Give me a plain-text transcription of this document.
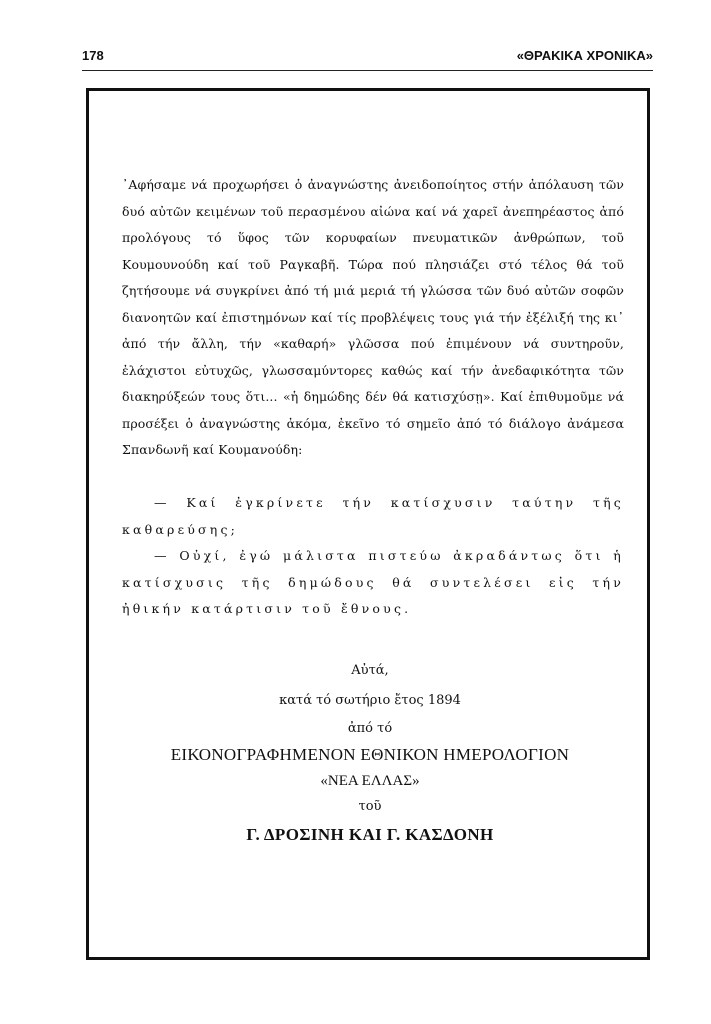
178	«ΘΡΑΚΙΚΑ ΧΡΟΝΙΚΑ»
᾿Αφήσαμε νά προχωρήσει ὁ ἀναγνώστης ἀνειδοποίητος στήν ἀπόλαυση τῶν δυό αὐτῶν κειμένων τοῦ περασμένου αἰώνα καί νά χαρεῖ ἀνεπηρέαστος ἀπό προλόγους τό ὕφος τῶν κορυφαίων πνευματικῶν ἀνθρώπων, τοῦ Κουμουνούδη καί τοῦ Ραγκαβῆ. Τώρα πού πλησιάζει στό τέλος θά τοῦ ζητήσουμε νά συγκρίνει ἀπό τή μιά μεριά τή γλώσσα τῶν δυό αὐτῶν σοφῶν διανοητῶν καί ἐπιστημόνων καί τίς προβλέψεις τους γιά τήν ἐξέλιξή της κι᾿ ἀπό τήν ἄλλη, τήν «καθαρή» γλῶσσα πού ἐπιμένουν νά συντηροῦν, ἐλάχιστοι εὐτυχῶς, γλωσσαμύντορες καθώς καί τήν ἀνεδαφικότητα τῶν διακηρύξεών τους ὅτι... «ἡ δημώδης δέν θά κατισχύσῃ». Καί ἐπιθυμοῦμε νά προσέξει ὁ ἀναγνώστης ἀκόμα, ἐκεῖνο τό σημεῖο ἀπό τό διάλογο ἀνάμεσα Σπανδωνῆ καί Κουμανούδη:

— Καί ἐγκρίνετε τήν κατίσχυσιν ταύτην τῆς καθαρεύσης;

— Οὐχί, ἐγώ μάλιστα πιστεύω ἀκραδάντως ὅτι ἡ κατίσχυσις τῆς δημώδους θά συντελέσει εἰς τήν ἠθικήν κατάρτισιν τοῦ ἔθνους.

Αὐτά,
κατά τό σωτήριο ἔτος 1894
ἀπό τό
ΕΙΚΟΝΟΓΡΑΦΗΜΕΝΟΝ ΕΘΝΙΚΟΝ ΗΜΕΡΟΛΟΓΙΟΝ
«ΝΕΑ ΕΛΛΑΣ»
τοῦ
Γ. ΔΡΟΣΙΝΗ ΚΑΙ Γ. ΚΑΣΔΟΝΗ
